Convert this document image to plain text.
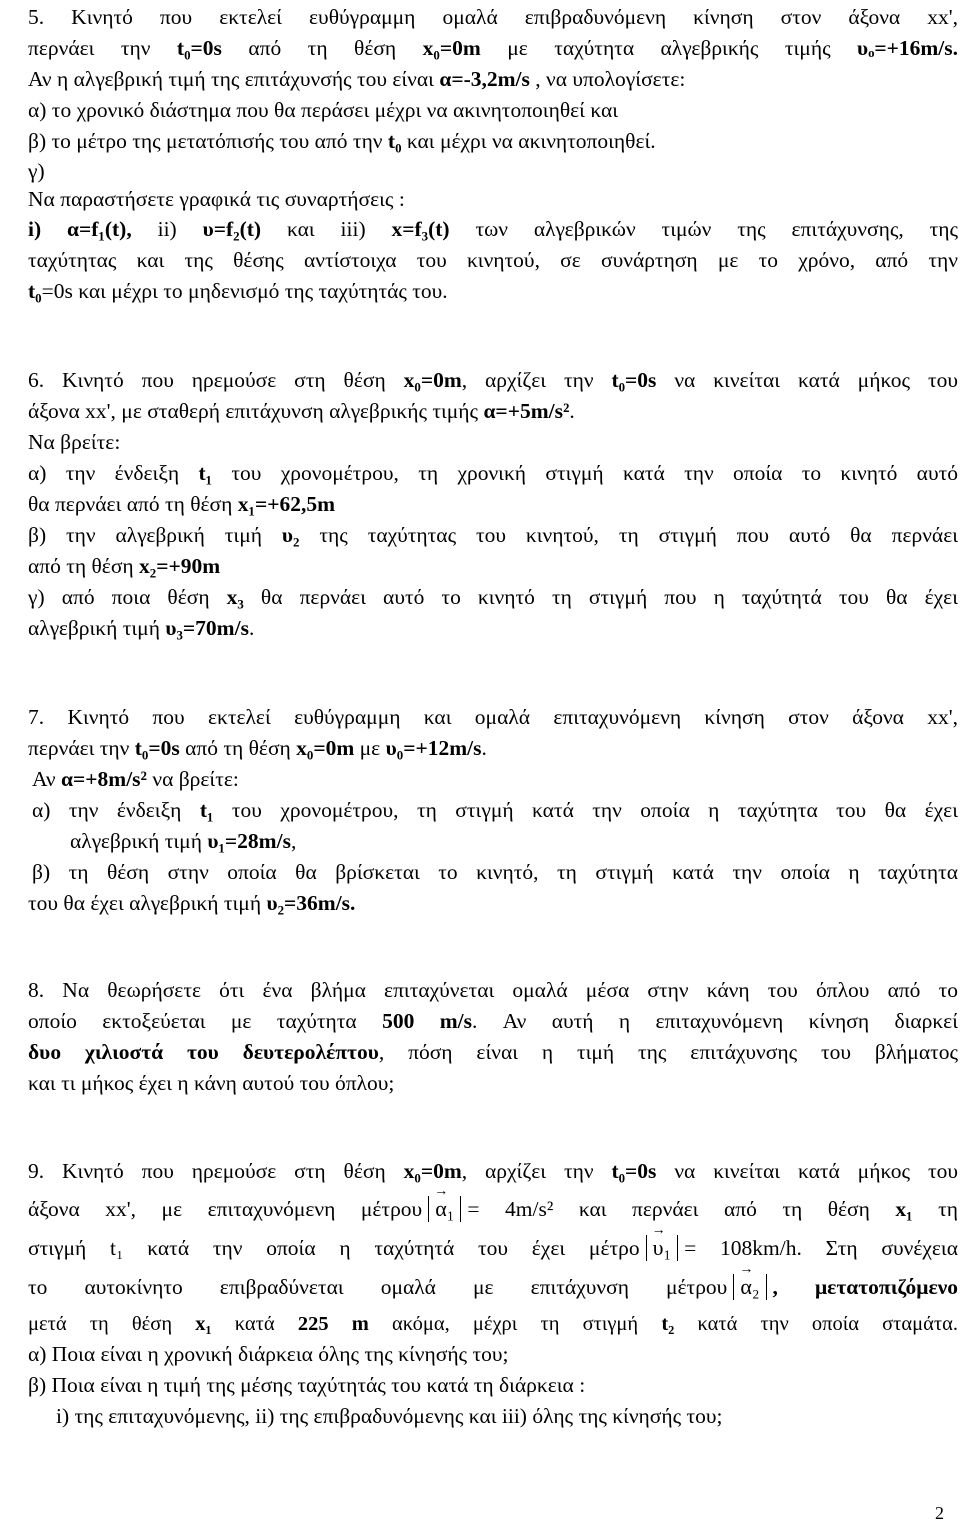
5. Κινητό που εκτελεί ευθύγραμμη ομαλά επιβραδυνόμενη κίνηση στον άξονα xx',
περνάει την t₀=0s από τη θέση x₀=0m με ταχύτητα αλγεβρικής τιμής υₒ=+16m/s.
Αν η αλγεβρική τιμή της επιτάχυνσής του είναι α=-3,2m/s , να υπολογίσετε:
α) το χρονικό διάστημα που θα περάσει μέχρι να ακινητοποιηθεί και
β) το μέτρο της μετατόπισής του από την t₀ και μέχρι να ακινητοποιηθεί.
γ)
Να παραστήσετε γραφικά τις συναρτήσεις :
i) α=f₁(t), ii) υ=f₂(t) και iii) x=f₃(t) των αλγεβρικών τιμών της επιτάχυνσης, της
ταχύτητας και της θέσης αντίστοιχα του κινητού, σε συνάρτηση με το χρόνο, από την
t₀=0s και μέχρι το μηδενισμό της ταχύτητάς του.
6. Κινητό που ηρεμούσε στη θέση x₀=0m, αρχίζει την t₀=0s να κινείται κατά μήκος του
άξονα xx', με σταθερή επιτάχυνση αλγεβρικής τιμής α=+5m/s².
Να βρείτε:
α) την ένδειξη t₁ του χρονομέτρου, τη χρονική στιγμή κατά την οποία το κινητό αυτό
θα περνάει από τη θέση x₁=+62,5m
β) την αλγεβρική τιμή υ₂ της ταχύτητας του κινητού, τη στιγμή που αυτό θα περνάει
από τη θέση x₂=+90m
γ) από ποια θέση x₃ θα περνάει αυτό το κινητό τη στιγμή που η ταχύτητά του θα έχει
αλγεβρική τιμή υ₃=70m/s.
7. Κινητό που εκτελεί ευθύγραμμη και ομαλά επιταχυνόμενη κίνηση στον άξονα xx',
περνάει την t₀=0s από τη θέση x₀=0m με υ₀=+12m/s.
Αν α=+8m/s² να βρείτε:
α) την ένδειξη t₁ του χρονομέτρου, τη στιγμή κατά την οποία η ταχύτητα του θα έχει
αλγεβρική τιμή υ₁=28m/s,
β) τη θέση στην οποία θα βρίσκεται το κινητό, τη στιγμή κατά την οποία η ταχύτητα
του θα έχει αλγεβρική τιμή υ₂=36m/s.
8. Να θεωρήσετε ότι ένα βλήμα επιταχύνεται ομαλά μέσα στην κάνη του όπλου από το
οποίο εκτοξεύεται με ταχύτητα 500 m/s. Αν αυτή η επιταχυνόμενη κίνηση διαρκεί
δυο χιλιοστά του δευτερολέπτου, πόση είναι η τιμή της επιτάχυνσης του βλήματος
και τι μήκος έχει η κάνη αυτού του όπλου;
9. Κινητό που ηρεμούσε στη θέση x₀=0m, αρχίζει την t₀=0s να κινείται κατά μήκος του
άξονα xx', με επιταχυνόμενη μέτρου → α₁ = 4m/s² και περνάει από τη θέση x₁ τη
στιγμή t₁ κατά την οποία η ταχύτητά του έχει μέτρο → υ₁ = 108km/h. Στη συνέχεια
το αυτοκίνητο επιβραδύνεται ομαλά με επιτάχυνση μέτρου → α₂ , μετατοπιζόμενο
μετά τη θέση x₁ κατά 225 m ακόμα, μέχρι τη στιγμή t₂ κατά την οποία σταμάτα.
α) Ποια είναι η χρονική διάρκεια όλης της κίνησής του;
β) Ποια είναι η τιμή της μέσης ταχύτητάς του κατά τη διάρκεια :
i) της επιταχυνόμενης, ii) της επιβραδυνόμενης και iii) όλης της κίνησής του;
2
